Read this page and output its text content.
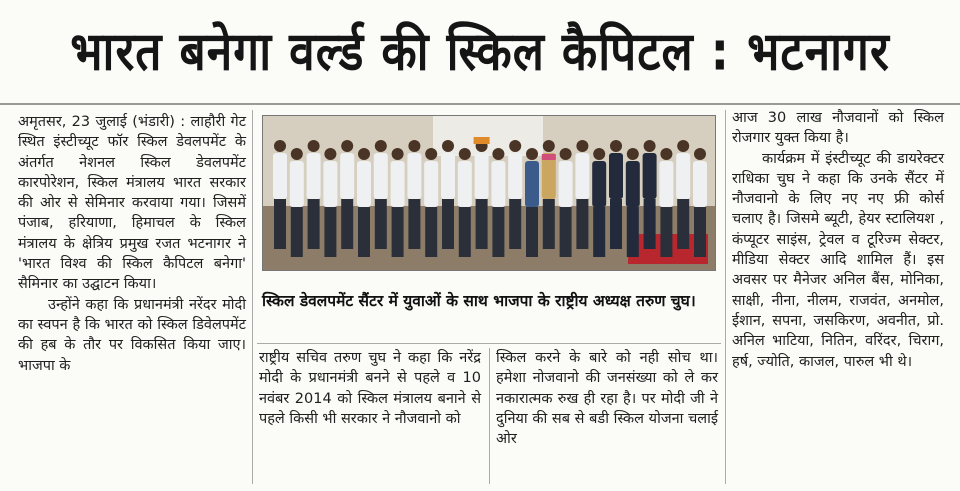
भारत बनेगा वर्ल्ड की स्किल कैपिटल : भटनागर

अमृतसर, 23 जुलाई (भंडारी) : लाहौरी गेट स्थित इंस्टीच्यूट फॉर स्किल डेवलपमेंट के अंतर्गत नेशनल स्किल डेवलपमेंट कारपोरेशन, स्किल मंत्रालय भारत सरकार की ओर से सेमिनार करवाया गया। जिसमें पंजाब, हरियाणा, हिमाचल के स्किल मंत्रालय के क्षेत्रिय प्रमुख रजत भटनागर ने 'भारत विश्व की स्किल कैपिटल बनेगा' सैमिनार का उद्घाटन किया।

उन्होंने कहा कि प्रधानमंत्री नरेंदर मोदी का स्वपन है कि भारत को स्किल डिवेलपमेंट की हब के तौर पर विकसित किया जाए। भाजपा के

स्किल डेवलपमेंट सैंटर में युवाओं के साथ भाजपा के राष्ट्रीय अध्यक्ष तरुण चुघ।

राष्ट्रीय सचिव तरुण चुघ ने कहा कि नरेंद्र मोदी के प्रधानमंत्री बनने से पहले व 10 नवंबर 2014 को स्किल मंत्रालय बनाने से पहले किसी भी सरकार ने नौजवानो को

स्किल करने के बारे को नही सोच था। हमेशा नोजवानो की जनसंख्या को ले कर नकारात्मक रुख ही रहा है। पर मोदी जी ने दुनिया की सब से बडी स्किल योजना चलाई ओर

आज 30 लाख नौजवानों को स्किल रोजगार युक्त किया है।

कार्यक्रम में इंस्टीच्यूट की डायरेक्टर राधिका चुघ ने कहा कि उनके सैंटर में नौजवानो के लिए नए नए फ्री कोर्स चलाए है। जिसमे ब्यूटी, हेयर स्टालियश , कंप्यूटर साइंस, ट्रेवल व टूरिज्म सेक्टर, मीडिया सेक्टर आदि शामिल हैं। इस अवसर पर मैनेजर अनिल बैंस, मोनिका, साक्षी, नीना, नीलम, राजवंत, अनमोल, ईशान, सपना, जसकिरण, अवनीत, प्रो. अनिल भाटिया, नितिन, वरिंदर, चिराग, हर्ष, ज्योति, काजल, पारुल भी थे।
